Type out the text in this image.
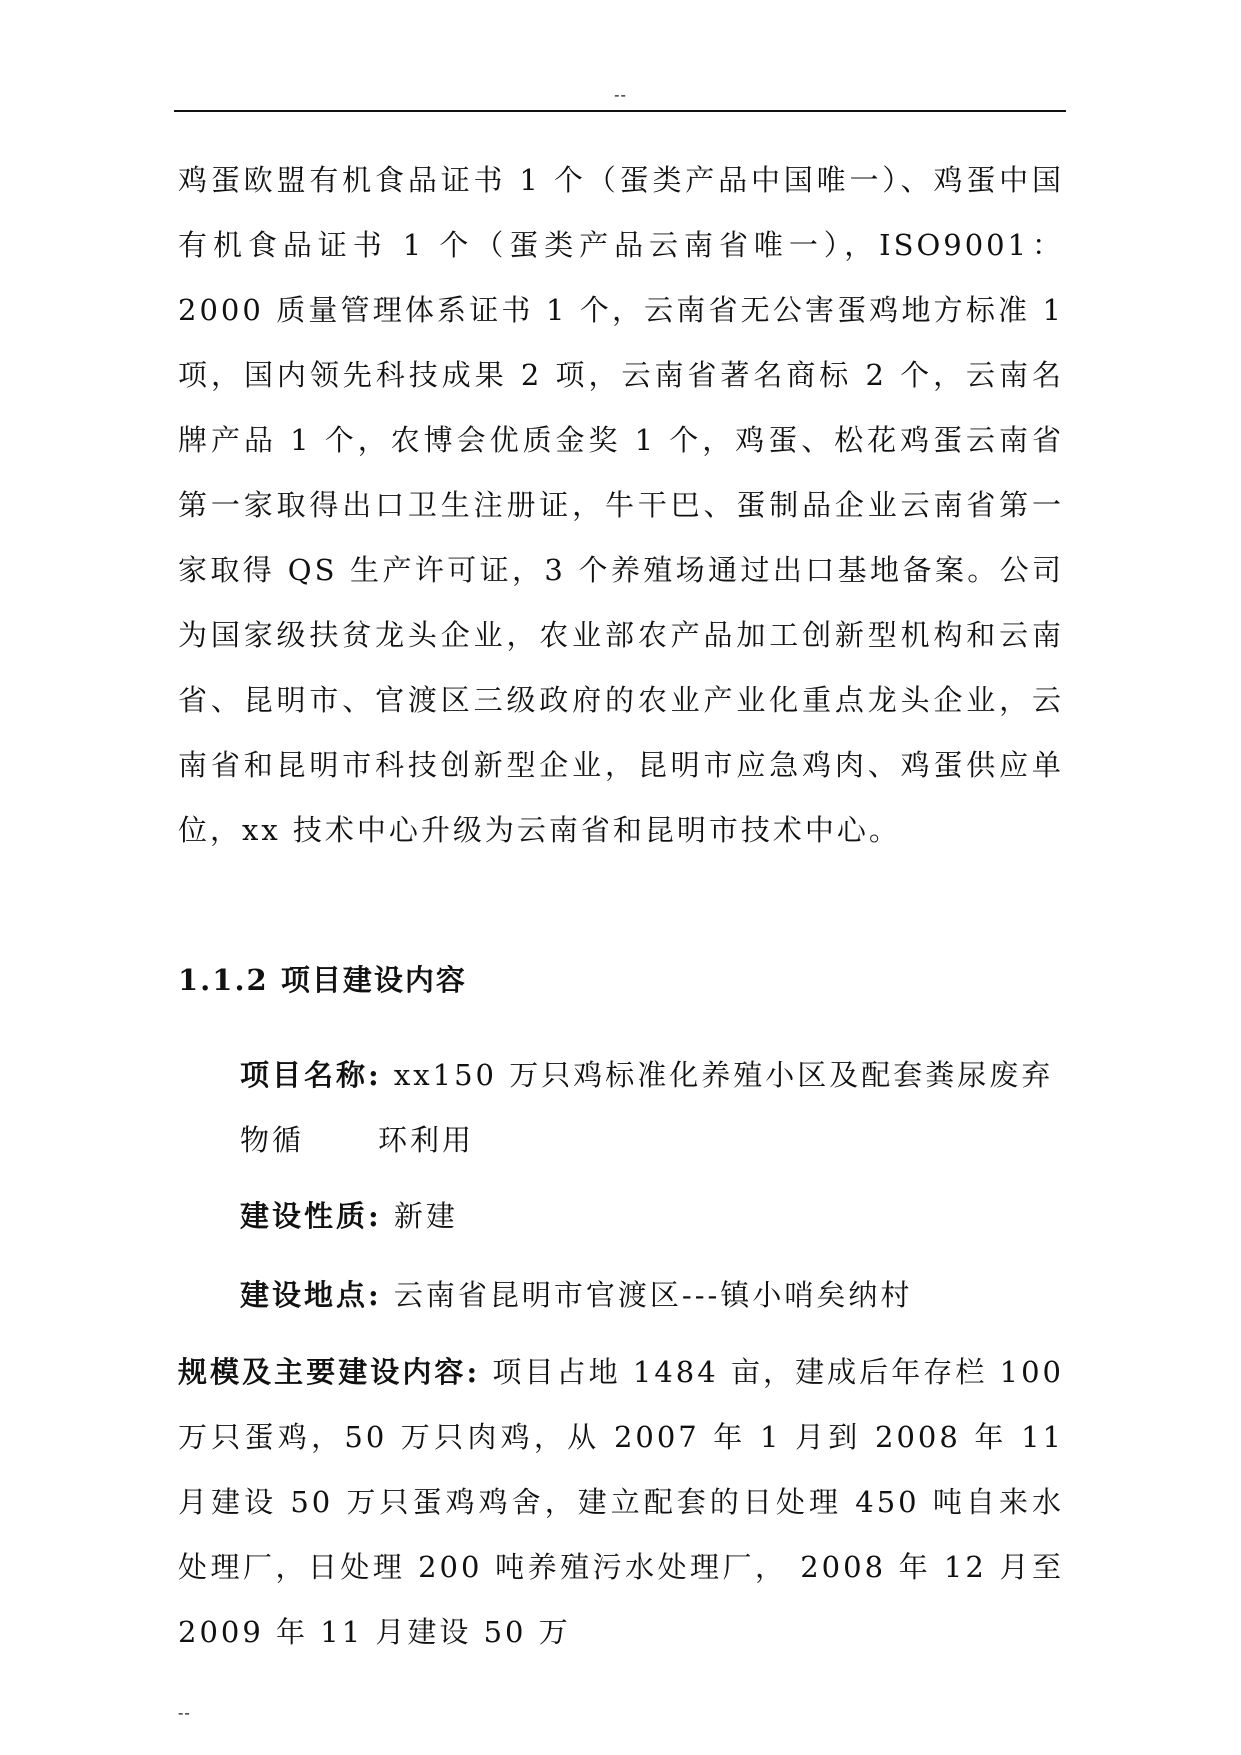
--

鸡蛋欧盟有机食品证书 1 个（蛋类产品中国唯一）、鸡蛋中国有机食品证书 1 个（蛋类产品云南省唯一），ISO9001：2000 质量管理体系证书 1 个，云南省无公害蛋鸡地方标准 1 项，国内领先科技成果 2 项，云南省著名商标 2 个，云南名牌产品 1 个，农博会优质金奖 1 个，鸡蛋、松花鸡蛋云南省第一家取得出口卫生注册证，牛干巴、蛋制品企业云南省第一家取得 QS 生产许可证，3 个养殖场通过出口基地备案。公司为国家级扶贫龙头企业，农业部农产品加工创新型机构和云南省、昆明市、官渡区三级政府的农业产业化重点龙头企业，云南省和昆明市科技创新型企业，昆明市应急鸡肉、鸡蛋供应单位，xx 技术中心升级为云南省和昆明市技术中心。

1.1.2 项目建设内容

项目名称: xx150 万只鸡标准化养殖小区及配套粪尿废弃物循	环利用

建设性质: 新建

建设地点: 云南省昆明市官渡区---镇小哨矣纳村

规模及主要建设内容: 项目占地 1484 亩，建成后年存栏 100 万只蛋鸡，50 万只肉鸡，从 2007 年 1 月到 2008 年 11 月建设 50 万只蛋鸡鸡舍，建立配套的日处理 450 吨自来水处理厂，日处理 200 吨养殖污水处理厂， 2008 年 12 月至 2009 年 11 月建设 50 万

--
